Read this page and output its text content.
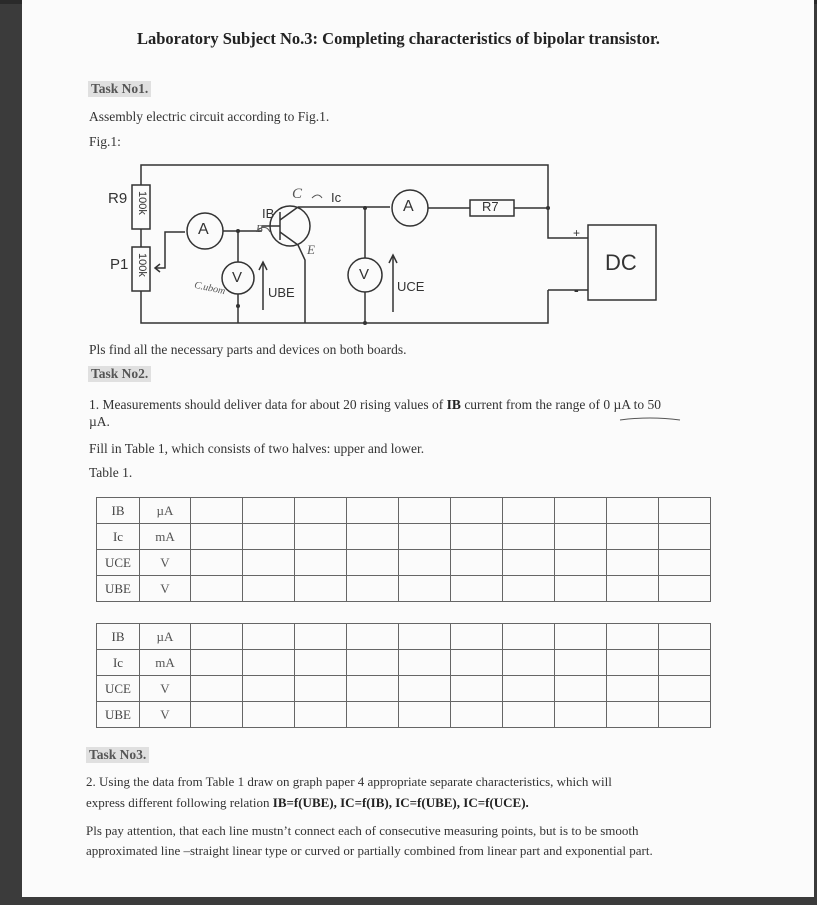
Laboratory Subject No.3: Completing characteristics of bipolar transistor.
Task No1.
Assembly electric circuit according to Fig.1.
Fig.1:
R9 100k
P1 100k
A
A
V	V
R7
IB
Ic
UBE	UCE
DC
+
-
C
E
B
C.ubom
Pls find all the necessary parts and devices on both boards.
Task No2.
1. Measurements should deliver data for about 20 rising values of IB current from the range of 0 µA to 50
µA.
Fill in Table 1, which consists of two halves: upper and lower.
Table 1.
IB	µA										
Ic	mA										
UCE	V										
UBE	V										
IB	µA										
Ic	mA										
UCE	V										
UBE	V										
Task No3.
2. Using the data from Table 1 draw on graph paper 4 appropriate separate characteristics, which will
express different following relation IB=f(UBE), IC=f(IB), IC=f(UBE), IC=f(UCE).
Pls pay attention, that each line mustn’t connect each of consecutive measuring points, but is to be smooth
approximated line –straight linear type or curved or partially combined from linear part and exponential part.
